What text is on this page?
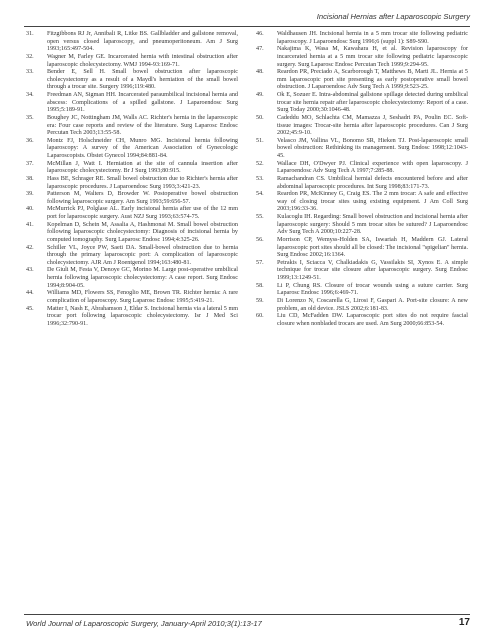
Incisional Hernias after Laparoscopic Surgery
31. Fitzgibbons RJ Jr, Annibali R, Litke BS. Gallbladder and gallstone removal, open versus closed laparoscopy, and pneumoperitoneum. Am J Surg 1993;165:497-504.
32. Wagner M, Farley GE. Incarcerated hernia with intestinal obstruction after laparoscopic cholecystectomy. WMJ 1994-93:169-71.
33. Bender E, Sell H. Small bowel obstruction after laparoscopic cholecystectomy as a result of a Maydl's herniation of the small bowel through a trocar site. Surgery 1996;119:480.
34. Freedman AN, Sigman HH. Incarcerated paraumbilical incisional hernia and abscess: Complications of a spilled gallstone. J Laparoendosc Surg 1995;5:189-91.
35. Boughey JC, Nottingham JM, Walls AC. Richter's hernia in the laparoscopic era: Four case reports and review of the literature. Surg Laparosc Endosc Percutan Tech 2003;13:55-58.
36. Montz FJ, Holschneider CH, Munro MG. Incisional hernia following laparoscopy: A survey of the American Association of Gynecologic Laparoscopists. Obstet Gynecol 1994;84:881-84.
37. McMillan J, Watt I. Herniation at the site of cannula insertion after laparoscopic cholecystectomy. Br J Surg 1993;80:915.
38. Hass BE, Schrager RE. Small bowel obstruction due to Richter's hernia after laparoscopic procedures. J Laparoendosc Surg 1993;3:421-23.
39. Patterson M, Walters D, Browder W. Postoperative bowel obstruction following laparoscopic surgery. Am Surg 1993;59:656-57.
40. McMurrick PJ, Polglase AL. Early incisional hernia after use of the 12 mm port for laparoscopic surgery. Aust NZJ Surg 1993;63:574-75.
41. Kopelman D, Schein M, Assalia A, Hashmonai M. Small bowel obstruction following laparoscopic cholecystectomy: Diagnosis of incisional hernia by computed tomography. Surg Laparosc Endosc 1994;4:325-26.
42. Schiller VL, Joyce PW, Saeti DA. Small-bowel obstruction due to hernia through the primary laparoscopic port: A complication of laparoscopic cholecystectomy. AJR Am J Roentgenol 1994;163:480-81.
43. De Giuli M, Festa V, Denoye GC, Morino M. Large post-operative umbilical hernia following laparoscopic cholecystectomy: A case report. Surg Endosc 1994;8:904-05.
44. Williams MD, Flowers SS, Fenoglio ME, Brown TR. Richter hernia: A rare complication of laparoscopy. Surg Laparosc Endosc 1995;5:419-21.
45. Matter I, Nash E, Abrahamson J, Eldar S. Incisional hernia via a lateral 5 mm trocar port following laparoscopic cholecystectomy. Isr J Med Sci 1996;32:790-91.
46. Waldhausen JH. Incisional hernia in a 5 mm trocar site following pediatric laparoscopy. J Laparoendosc Surg 1996;6 (suppl 1): S89-S90.
47. Nakajima K, Wasa M, Kawahara H, et al. Revision laparoscopy for incarcerated hernia at a 5 mm trocar site following pediatric laparoscopic surgery. Surg Laparosc Endosc Percutan Tech 1999;9:294-95.
48. Reardon PR, Preciado A, Scarborough T, Matthews B, Marti JL. Hernia at 5 mm laparoscopic port site presenting as early postoperative small bowel obstruction. J Laparoendosc Adv Surg Tech A 1999;9:523-25.
49. Ok E, Sozuer E. Intra-abdominal gallstone spillage detected during umbilical trocar site hernia repair after laparoscopic cholecystectomy: Report of a case. Surg Today 2000;30:1046-48.
50. Cadeddu MO, Schlachta CM, Mamazza J, Seshadri PA, Poulin EC. Soft-tissue images: Trocar-site hernia after laparoscopic procedures. Can J Surg 2002;45:9-10.
51. Velasco JM, Vallina VL, Bonomo SR, Hieken TJ. Post-laparoscopic small bowel obstruction: Rethinking its management. Surg Endosc 1998;12:1043-45.
52. Wallace DH, O'Dwyer PJ. Clinical experience with open laparoscopy. J Laparoendosc Adv Surg Tech A 1997;7:285-88.
53. Ramachandran CS. Umbilical hernial defects encountered before and after abdominal laparoscopic procedures. Int Surg 1998;83:171-73.
54. Reardon PR, McKinney G, Craig ES. The 2 mm trocar: A safe and effective way of closing trocar sites using existing equipment. J Am Coll Surg 2003;196:33-36.
55. Kulacoglu IH. Regarding: Small bowel obstruction and incisional hernia after laparoscopic surgery: Should 5 mm trocar sites be sutured? J Laparoendosc Adv Surg Tech A 2000;10:227-28.
56. Morrison CP, Wemyss-Holden SA, Iswariah H, Maddern GJ. Lateral laparoscopic port sites should all be closed: The incisional "spigelian" hernia. Surg Endosc 2002;16:1364.
57. Petrakis I, Sciacca V, Chalkiadakis G, Vassilakis SI, Xynos E. A simple technique for trocar site closure after laparoscopic surgery. Surg Endosc 1999;13:1249-51.
58. Li P, Chung RS. Closure of trocar wounds using a suture carrier. Surg Laparosc Endosc 1996;6:469-71.
59. Di Lorenzo N, Coscarella G, Lirosi F, Gaspari A. Port-site closure: A new problem, an old device. JSLS 2002;6:181-83.
60. Liu CD, McFadden DW. Laparoscopic port sites do not require fascial closure when nonbladed trocars are used. Am Surg 2000;66:853-54.
World Journal of Laparoscopic Surgery, January-April 2010;3(1):13-17	17
